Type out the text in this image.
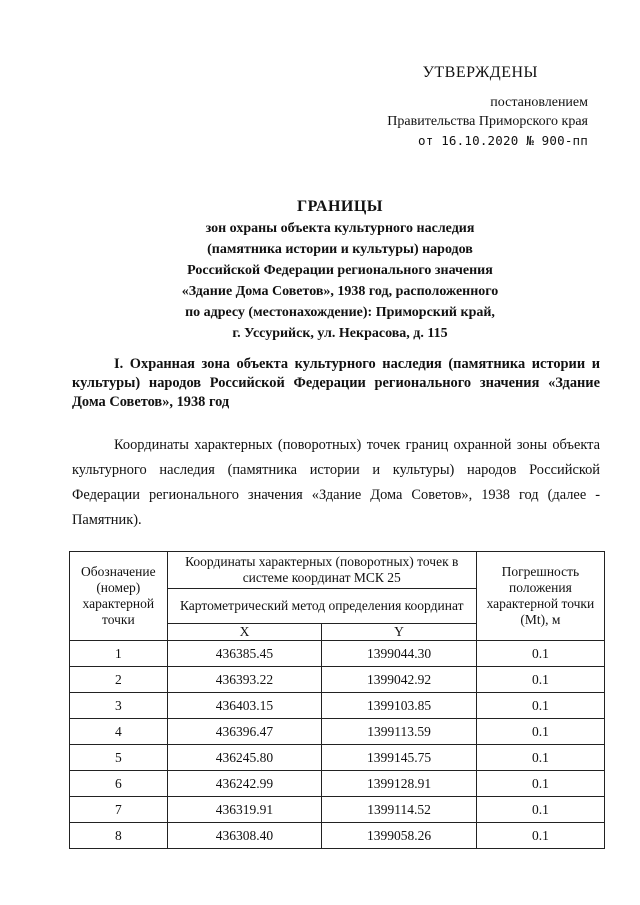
УТВЕРЖДЕНЫ
постановлением
Правительства Приморского края
от 16.10.2020 № 900-пп
ГРАНИЦЫ
зон охраны объекта культурного наследия
(памятника истории и культуры) народов
Российской Федерации регионального значения
«Здание Дома Советов», 1938 год, расположенного
по адресу (местонахождение): Приморский край,
г. Уссурийск, ул. Некрасова, д. 115
I. Охранная зона объекта культурного наследия (памятника истории и культуры) народов Российской Федерации регионального значения «Здание Дома Советов», 1938 год
Координаты характерных (поворотных) точек границ охранной зоны объекта культурного наследия (памятника истории и культуры) народов Российской Федерации регионального значения «Здание Дома Советов», 1938 год (далее - Памятник).
Обозначение (номер) характерной точки	Координаты характерных (поворотных) точек в системе координат МСК 25		Погрешность положения характерной точки (Mt), м
	Картометрический метод определения координат		
	X	Y	
1	436385.45	1399044.30	0.1
2	436393.22	1399042.92	0.1
3	436403.15	1399103.85	0.1
4	436396.47	1399113.59	0.1
5	436245.80	1399145.75	0.1
6	436242.99	1399128.91	0.1
7	436319.91	1399114.52	0.1
8	436308.40	1399058.26	0.1
